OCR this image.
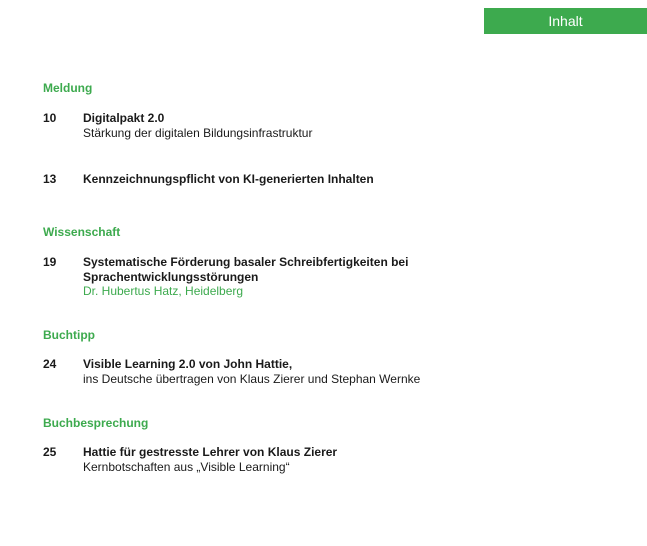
Inhalt
Meldung
10 Digitalpakt 2.0
Stärkung der digitalen Bildungsinfrastruktur
13 Kennzeichnungspflicht von KI-generierten Inhalten
Wissenschaft
19 Systematische Förderung basaler Schreibfertigkeiten bei
Sprachentwicklungsstörungen
Dr. Hubertus Hatz, Heidelberg
Buchtipp
24 Visible Learning 2.0 von John Hattie,
ins Deutsche übertragen von Klaus Zierer und Stephan Wernke
Buchbesprechung
25 Hattie für gestresste Lehrer von Klaus Zierer
Kernbotschaften aus „Visible Learning“
